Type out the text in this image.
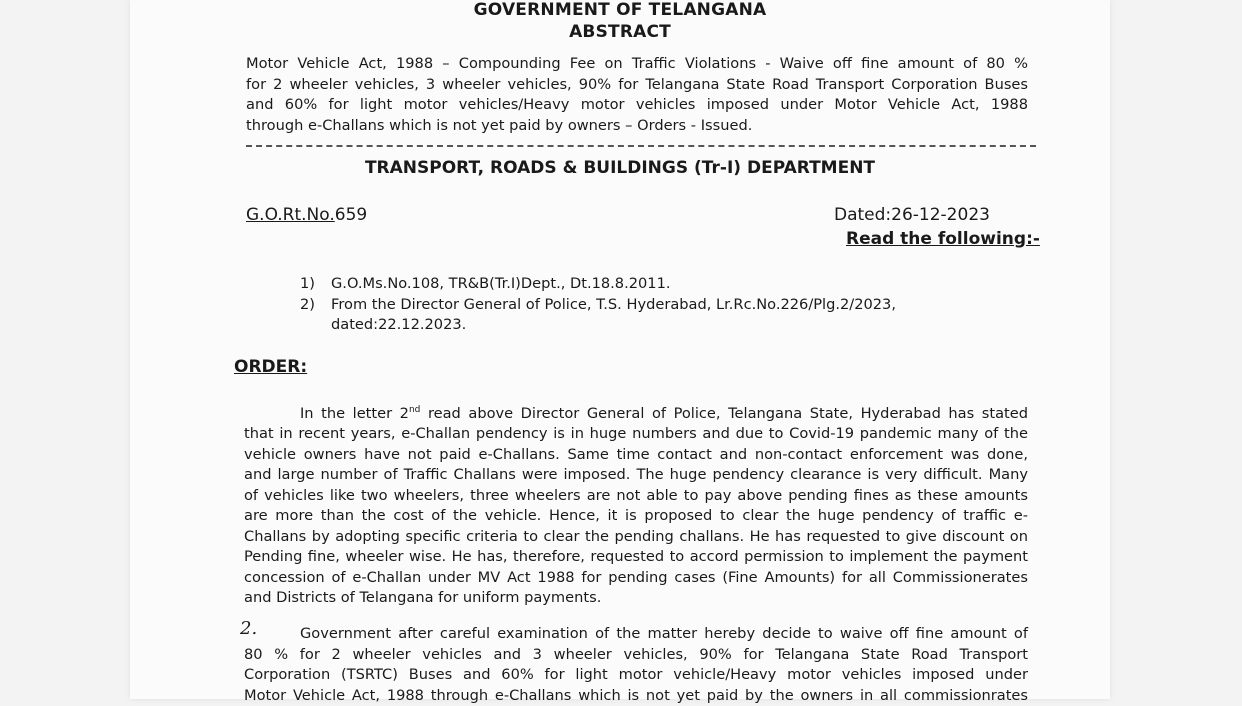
GOVERNMENT OF TELANGANA
ABSTRACT
Motor Vehicle Act, 1988 – Compounding Fee on Traffic Violations - Waive off fine amount of 80 %
for 2 wheeler vehicles, 3 wheeler vehicles, 90% for Telangana State Road Transport Corporation Buses
and 60% for light motor vehicles/Heavy motor vehicles imposed under Motor Vehicle Act, 1988
through e-Challans which is not yet paid by owners – Orders - Issued.
TRANSPORT, ROADS & BUILDINGS (Tr-I) DEPARTMENT
G.O.Rt.No.659	Dated:26-12-2023
Read the following:-
1) G.O.Ms.No.108, TR&B(Tr.I)Dept., Dt.18.8.2011.
2) From the Director General of Police, T.S. Hyderabad, Lr.Rc.No.226/Plg.2/2023,
dated:22.12.2023.
ORDER:
In the letter 2nd read above Director General of Police, Telangana State, Hyderabad has stated
that in recent years, e-Challan pendency is in huge numbers and due to Covid-19 pandemic many of the
vehicle owners have not paid e-Challans. Same time contact and non-contact enforcement was done,
and large number of Traffic Challans were imposed. The huge pendency clearance is very difficult. Many
of vehicles like two wheelers, three wheelers are not able to pay above pending fines as these amounts
are more than the cost of the vehicle. Hence, it is proposed to clear the huge pendency of traffic e-
Challans by adopting specific criteria to clear the pending challans. He has requested to give discount on
Pending fine, wheeler wise. He has, therefore, requested to accord permission to implement the payment
concession of e-Challan under MV Act 1988 for pending cases (Fine Amounts) for all Commissionerates
and Districts of Telangana for uniform payments.
2.	Government after careful examination of the matter hereby decide to waive off fine amount of
80 % for 2 wheeler vehicles and 3 wheeler vehicles, 90% for Telangana State Road Transport
Corporation (TSRTC) Buses and 60% for light motor vehicle/Heavy motor vehicles imposed under
Motor Vehicle Act, 1988 through e-Challans which is not yet paid by the owners in all commissionrates
